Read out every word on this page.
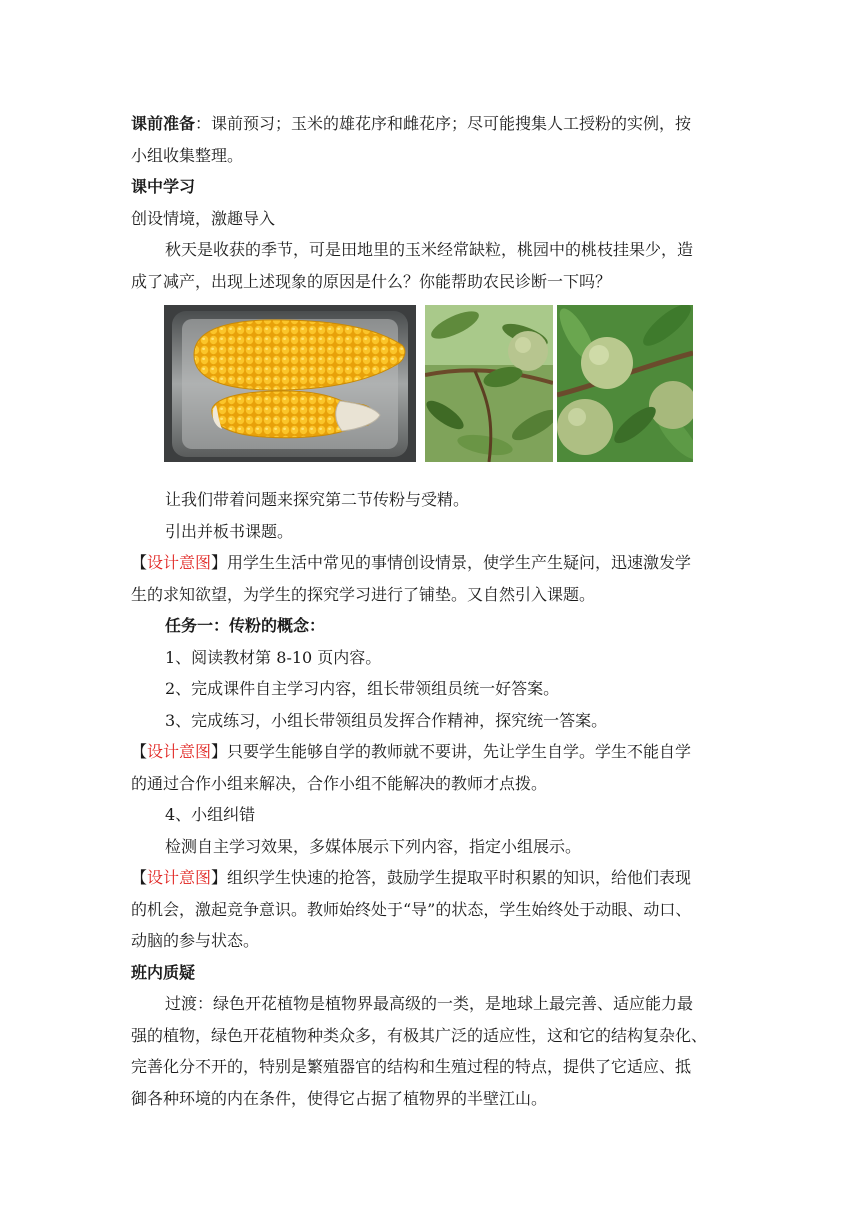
课前准备：课前预习；玉米的雄花序和雌花序；尽可能搜集人工授粉的实例，按
小组收集整理。
课中学习
创设情境，激趣导入
秋天是收获的季节，可是田地里的玉米经常缺粒，桃园中的桃枝挂果少，造
成了减产，出现上述现象的原因是什么？你能帮助农民诊断一下吗？
让我们带着问题来探究第二节传粉与受精。
引出并板书课题。
【设计意图】用学生生活中常见的事情创设情景，使学生产生疑问，迅速激发学
生的求知欲望，为学生的探究学习进行了铺垫。又自然引入课题。
任务一：传粉的概念：
1、阅读教材第 8-10 页内容。
2、完成课件自主学习内容，组长带领组员统一好答案。
3、完成练习，小组长带领组员发挥合作精神，探究统一答案。
【设计意图】只要学生能够自学的教师就不要讲，先让学生自学。学生不能自学
的通过合作小组来解决，合作小组不能解决的教师才点拨。
4、小组纠错
检测自主学习效果，多媒体展示下列内容，指定小组展示。
【设计意图】组织学生快速的抢答，鼓励学生提取平时积累的知识，给他们表现
的机会，激起竞争意识。教师始终处于“导”的状态，学生始终处于动眼、动口、
动脑的参与状态。
班内质疑
过渡：绿色开花植物是植物界最高级的一类，是地球上最完善、适应能力最
强的植物，绿色开花植物种类众多，有极其广泛的适应性，这和它的结构复杂化、
完善化分不开的，特别是繁殖器官的结构和生殖过程的特点，提供了它适应、抵
御各种环境的内在条件，使得它占据了植物界的半壁江山。
